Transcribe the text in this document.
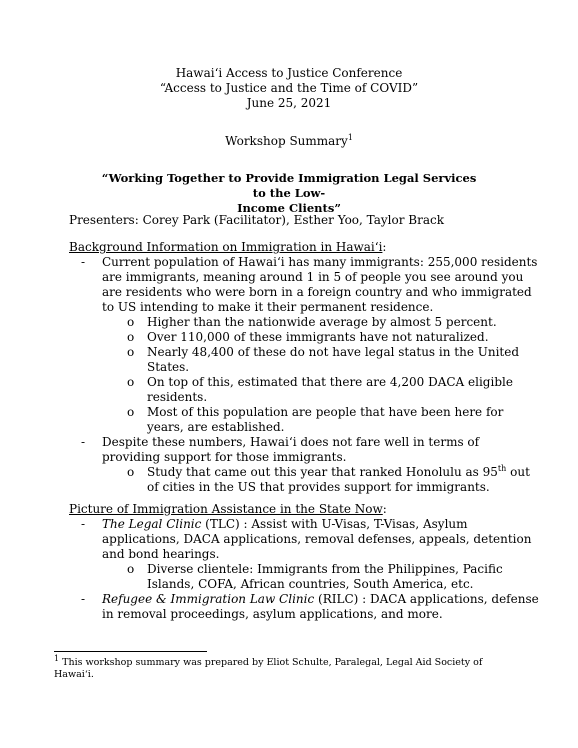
Hawaiʻi Access to Justice Conference
“Access to Justice and the Time of COVID”
June 25, 2021
Workshop Summary$^1$
“Working Together to Provide Immigration Legal Services to the Low-
Income Clients”
Presenters: Corey Park (Facilitator), Esther Yoo, Taylor Brack
Background Information on Immigration in Hawaiʻi:
- Current population of Hawaiʻi has many immigrants: 255,000 residents are immigrants, meaning around 1 in 5 of people you see around you are residents who were born in a foreign country and who immigrated to US intending to make it their permanent residence.
o Higher than the nationwide average by almost 5 percent.
o Over 110,000 of these immigrants have not naturalized.
o Nearly 48,400 of these do not have legal status in the United States.
o On top of this, estimated that there are 4,200 DACA eligible residents.
o Most of this population are people that have been here for years, are established.
- Despite these numbers, Hawaiʻi does not fare well in terms of providing support for those immigrants.
o Study that came out this year that ranked Honolulu as 95th out of cities in the US that provides support for immigrants.
Picture of Immigration Assistance in the State Now:
- The Legal Clinic (TLC) : Assist with U-Visas, T-Visas, Asylum applications, DACA applications, removal defenses, appeals, detention and bond hearings.
o Diverse clientele: Immigrants from the Philippines, Pacific Islands, COFA, African countries, South America, etc.
- Refugee & Immigration Law Clinic (RILC) : DACA applications, defense in removal proceedings, asylum applications, and more.
$^1$ This workshop summary was prepared by Eliot Schulte, Paralegal, Legal Aid Society of Hawaiʻi.
